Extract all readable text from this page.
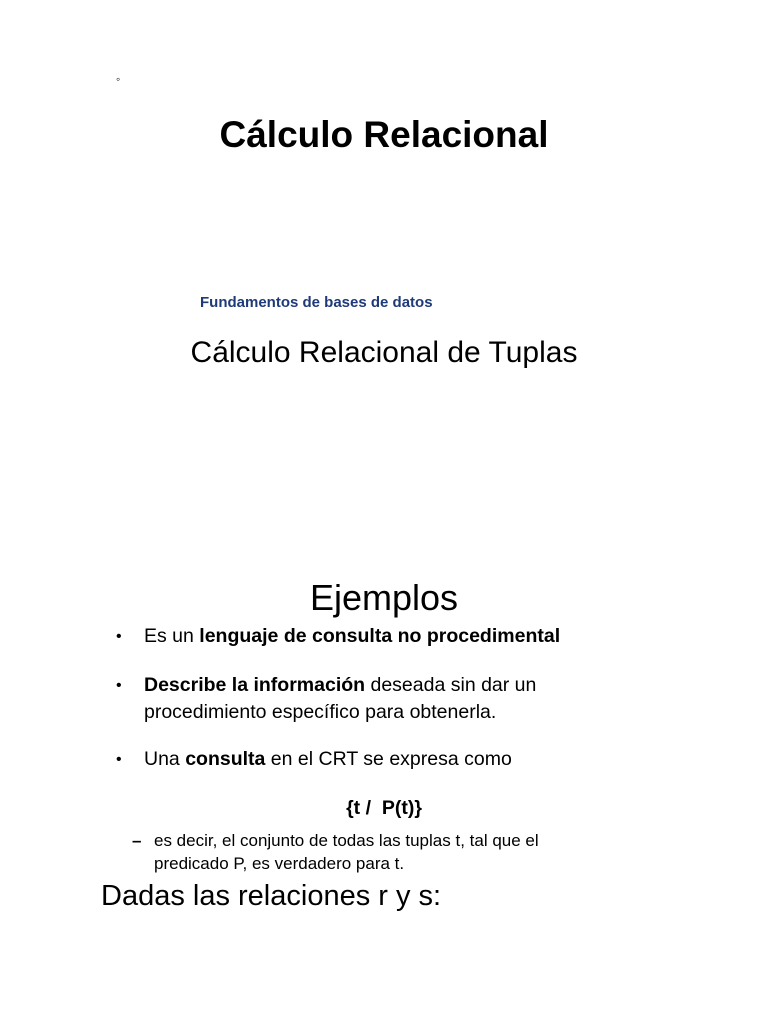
◦
Cálculo Relacional
Fundamentos de bases de datos
Cálculo Relacional de Tuplas
Ejemplos
• Es un lenguaje de consulta no procedimental
• Describe la información deseada sin dar un procedimiento específico para obtenerla.
• Una consulta en el CRT se expresa como
{t /  P(t)}
– es decir, el conjunto de todas las tuplas t, tal que el predicado P, es verdadero para t.
Dadas las relaciones r y s:
